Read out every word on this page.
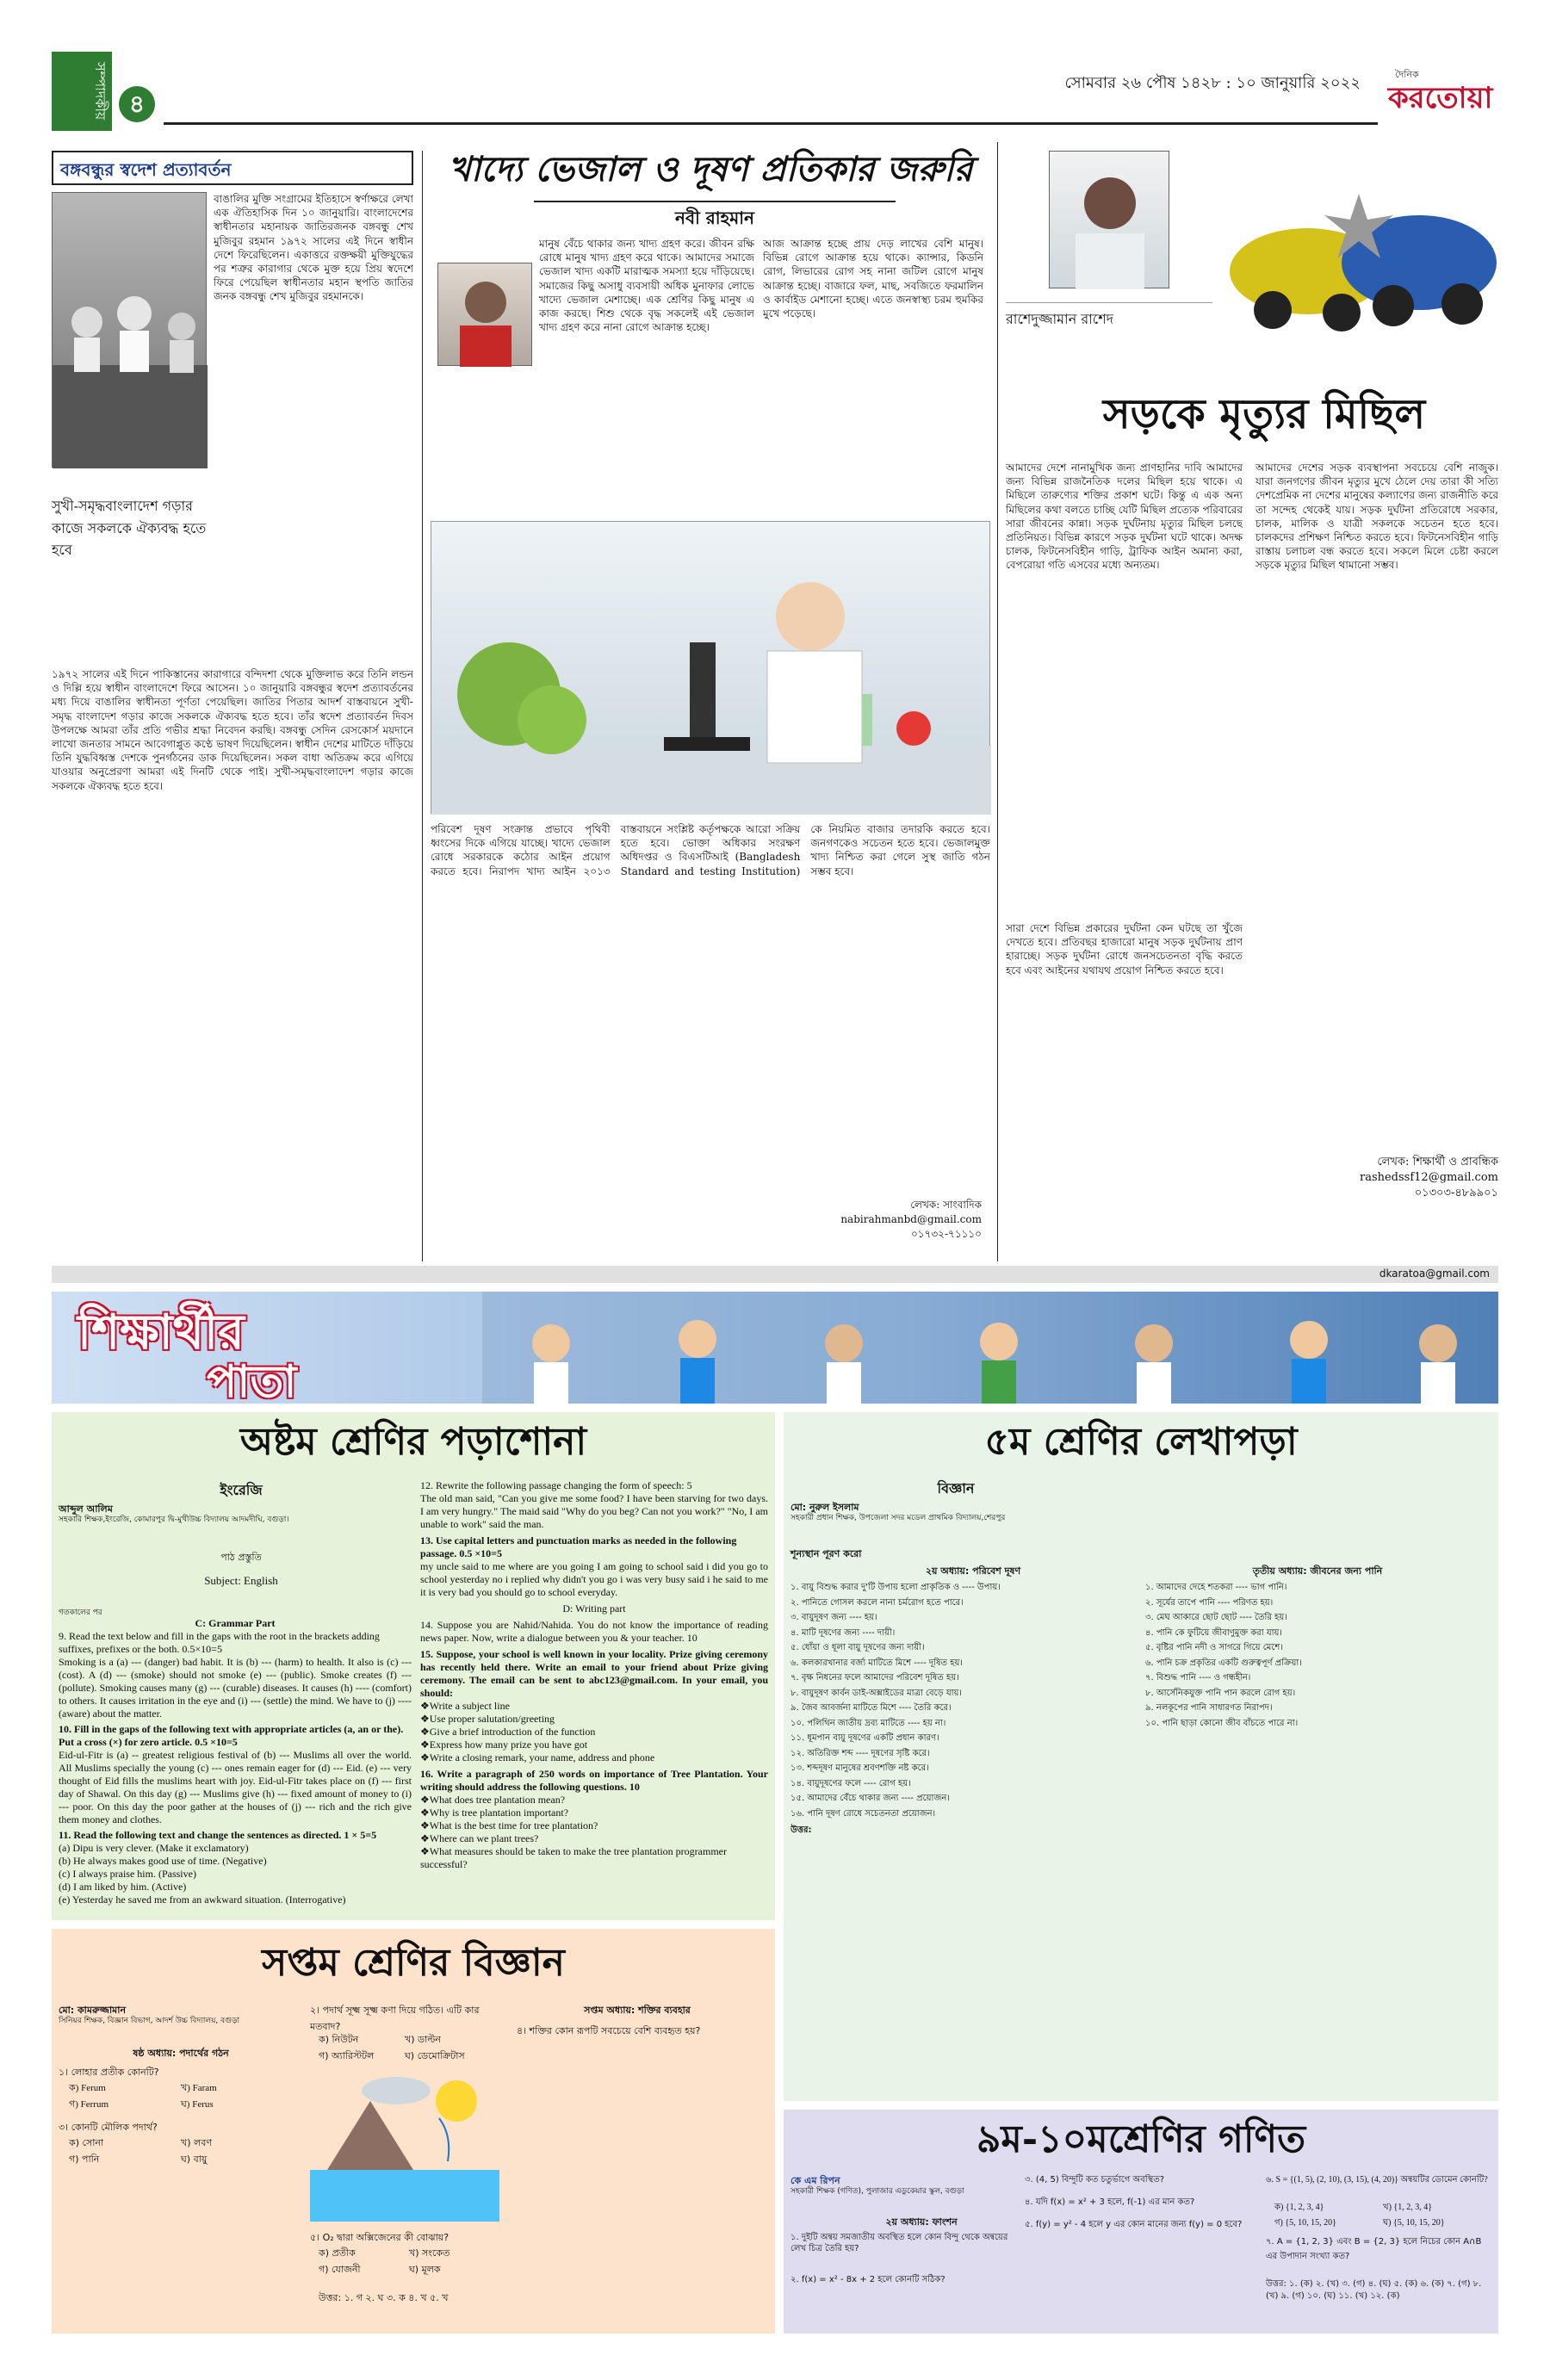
সম্পাদকীয় ৪
সোমবার ২৬ পৌষ ১৪২৮ : ১০ জানুয়ারি ২০২২	দৈনিক
করতোয়া
বঙ্গবন্ধুর স্বদেশ প্রত্যাবর্তন
বাঙালির মুক্তি সংগ্রামের ইতিহাসে স্বর্ণাক্ষরে লেখা এক ঐতিহাসিক দিন ১০ জানুয়ারি। বাংলাদেশের স্বাধীনতার মহানায়ক জাতিরজনক বঙ্গবন্ধু শেখ মুজিবুর রহমান ১৯৭২ সালের এই দিনে স্বাধীন দেশে ফিরেছিলেন। একাত্তরে রক্তক্ষয়ী মুক্তিযুদ্ধের পর শত্রুর কারাগার থেকে মুক্ত হয়ে প্রিয় স্বদেশে ফিরে পেয়েছিল স্বাধীনতার মহান স্থপতি জাতির জনক বঙ্গবন্ধু শেখ মুজিবুর রহমানকে।
সুখী-সমৃদ্ধবাংলাদেশ গড়ার কাজে সকলকে ঐক্যবদ্ধ হতে হবে
১৯৭২ সালের এই দিনে পাকিস্তানের কারাগারে বন্দিদশা থেকে মুক্তিলাভ করে তিনি লন্ডন ও দিল্লি হয়ে স্বাধীন বাংলাদেশে ফিরে আসেন। ১০ জানুয়ারি বঙ্গবন্ধুর স্বদেশ প্রত্যাবর্তনের মধ্য দিয়ে বাঙালির স্বাধীনতা পূর্ণতা পেয়েছিল। জাতির পিতার আদর্শ বাস্তবায়নে সুখী-সমৃদ্ধ বাংলাদেশ গড়ার কাজে সকলকে ঐক্যবদ্ধ হতে হবে। তাঁর স্বদেশ প্রত্যাবর্তন দিবস উপলক্ষে আমরা তাঁর প্রতি গভীর শ্রদ্ধা নিবেদন করছি। বঙ্গবন্ধু সেদিন রেসকোর্স ময়দানে লাখো জনতার সামনে আবেগাপ্লুত কণ্ঠে ভাষণ দিয়েছিলেন। স্বাধীন দেশের মাটিতে দাঁড়িয়ে তিনি যুদ্ধবিধ্বস্ত দেশকে পুনর্গঠনের ডাক দিয়েছিলেন। সকল বাধা অতিক্রম করে এগিয়ে যাওয়ার অনুপ্রেরণা আমরা এই দিনটি থেকে পাই। সুখী-সমৃদ্ধবাংলাদেশ গড়ার কাজে সকলকে ঐক্যবদ্ধ হতে হবে।
খাদ্যে ভেজাল ও দূষণ প্রতিকার জরুরি
নবী রাহমান
মানুষ বেঁচে থাকার জন্য খাদ্য গ্রহণ করে। জীবন রক্ষি রোধে মানুষ খাদ্য গ্রহণ করে থাকে। আমাদের সমাজে ভেজাল খাদ্য একটি মারাত্মক সমস্যা হয়ে দাঁড়িয়েছে। সমাজের কিছু অসাধু ব্যবসায়ী অধিক মুনাফার লোভে খাদ্যে ভেজাল মেশাচ্ছে। এক শ্রেণির কিছু মানুষ এ কাজ করছে। শিশু থেকে বৃদ্ধ সকলেই এই ভেজাল খাদ্য গ্রহণ করে নানা রোগে আক্রান্ত হচ্ছে।
আজ আক্রান্ত হচ্ছে প্রায় দেড় লাখের বেশি মানুষ। বিভিন্ন রোগে আক্রান্ত হয়ে থাকে। ক্যান্সার, কিডনি রোগ, লিভারের রোগ সহ নানা জটিল রোগে মানুষ আক্রান্ত হচ্ছে। বাজারে ফল, মাছ, সবজিতে ফরমালিন ও কার্বাইড মেশানো হচ্ছে। এতে জনস্বাস্থ্য চরম হুমকির মুখে পড়েছে।
পরিবেশ দূষণ সংক্রান্ত প্রভাবে পৃথিবী ধ্বংসের দিকে এগিয়ে যাচ্ছে। খাদ্যে ভেজাল রোধে সরকারকে কঠোর আইন প্রয়োগ করতে হবে। নিরাপদ খাদ্য আইন ২০১৩ বাস্তবায়নে সংশ্লিষ্ট কর্তৃপক্ষকে আরো সক্রিয় হতে হবে। ভোক্তা অধিকার সংরক্ষণ অধিদপ্তর ও বিএসটিআই (Bangladesh Standard and testing Institution) কে নিয়মিত বাজার তদারকি করতে হবে। জনগণকেও সচেতন হতে হবে। ভেজালমুক্ত খাদ্য নিশ্চিত করা গেলে সুস্থ জাতি গঠন সম্ভব হবে।
লেখক: সাংবাদিক
nabirahmanbd@gmail.com
০১৭৩২-৭১১১০
রাশেদুজ্জামান রাশেদ
সড়কে মৃত্যুর মিছিল
আমাদের দেশে নানামুখিক জন্য প্রাণহানির দাবি আমাদের জন্য বিভিন্ন রাজনৈতিক দলের মিছিল হয়ে থাকে। এ মিছিলে তারুণ্যের শক্তির প্রকাশ ঘটে। কিন্তু এ এক অন্য মিছিলের কথা বলতে চাচ্ছি যেটি মিছিল প্রত্যেক পরিবারের সারা জীবনের কান্না। সড়ক দুর্ঘটনায় মৃত্যুর মিছিল চলছে প্রতিনিয়ত। বিভিন্ন কারণে সড়ক দুর্ঘটনা ঘটে থাকে। অদক্ষ চালক, ফিটনেসবিহীন গাড়ি, ট্রাফিক আইন অমান্য করা, বেপরোয়া গতি এসবের মধ্যে অন্যতম।
সারা দেশে বিভিন্ন প্রকারের দুর্ঘটনা কেন ঘটছে তা খুঁজে দেখতে হবে। প্রতিবছর হাজারো মানুষ সড়ক দুর্ঘটনায় প্রাণ হারাচ্ছে। সড়ক দুর্ঘটনা রোধে জনসচেতনতা বৃদ্ধি করতে হবে এবং আইনের যথাযথ প্রয়োগ নিশ্চিত করতে হবে।
আমাদের দেশের সড়ক ব্যবস্থাপনা সবচেয়ে বেশি নাজুক। যারা জনগণের জীবন মৃত্যুর মুখে ঠেলে দেয় তারা কী সত্যি দেশপ্রেমিক না দেশের মানুষের কল্যাণের জন্য রাজনীতি করে তা সন্দেহ থেকেই যায়। সড়ক দুর্ঘটনা প্রতিরোধে সরকার, চালক, মালিক ও যাত্রী সকলকে সচেতন হতে হবে। চালকদের প্রশিক্ষণ নিশ্চিত করতে হবে। ফিটনেসবিহীন গাড়ি রাস্তায় চলাচল বন্ধ করতে হবে। সকলে মিলে চেষ্টা করলে সড়কে মৃত্যুর মিছিল থামানো সম্ভব।
লেখক: শিক্ষার্থী ও প্রাবন্ধিক
rashedssf12@gmail.com
০১৩০৩-৪৮৯৯০১
dkaratoa@gmail.com
শিক্ষার্থীর
পাতা
অষ্টম শ্রেণির পড়াশোনা
ইংরেজি
আব্দুল আলিম
সহকারি শিক্ষক,ইংরেজি, কোমারপুর দ্বি-মুখীউচ্চ বিদ্যালয় আদমদীঘি, বগুড়া।
পাঠ প্রস্তুতি
Subject: English
গতকালের পর
C: Grammar Part
9. Read the text below and fill in the gaps with the root in the brackets adding suffixes, prefixes or the both. 0.5×10=5
Smoking is a (a) --- (danger) bad habit. It is (b) --- (harm) to health. It also is (c) --- (cost). A (d) --- (smoke) should not smoke (e) --- (public). Smoke creates (f) --- (pollute). Smoking causes many (g) --- (curable) diseases. It causes (h) ---- (comfort) to others. It causes irritation in the eye and (i) --- (settle) the mind. We have to (j) ---- (aware) about the matter.
10. Fill in the gaps of the following text with appropriate articles (a, an or the). Put a cross (×) for zero article. 0.5 ×10=5
Eid-ul-Fitr is (a) -- greatest religious festival of (b) --- Muslims all over the world. All Muslims specially the young (c) --- ones remain eager for (d) --- Eid. (e) --- very thought of Eid fills the muslims heart with joy. Eid-ul-Fitr takes place on (f) --- first day of Shawal. On this day (g) --- Muslims give (h) --- fixed amount of money to (i) --- poor. On this day the poor gather at the houses of (j) --- rich and the rich give them money and clothes.
11. Read the following text and change the sentences as directed. 1 × 5=5
(a) Dipu is very clever. (Make it exclamatory)
(b) He always makes good use of time. (Negative)
(c) I always praise him. (Passive)
(d) I am liked by him. (Active)
(e) Yesterday he saved me from an awkward situation. (Interrogative)
12. Rewrite the following passage changing the form of speech: 5
The old man said, "Can you give me some food? I have been starving for two days. I am very hungry." The maid said "Why do you beg? Can not you work?" "No, I am unable to work" said the man.
13. Use capital letters and punctuation marks as needed in the following passage. 0.5 ×10=5
my uncle said to me where are you going I am going to school said i did you go to school yesterday no i replied why didn't you go i was very busy said i he said to me it is very bad you should go to school everyday.
D: Writing part
14. Suppose you are Nahid/Nahida. You do not know the importance of reading news paper. Now, write a dialogue between you & your teacher. 10
15. Suppose, your school is well known in your locality. Prize giving ceremony has recently held there. Write an email to your friend about Prize giving ceremony. The email can be sent to abc123@gmail.com. In your email, you should:
❖Write a subject line
❖Use proper salutation/greeting
❖Give a brief introduction of the function
❖Express how many prize you have got
❖Write a closing remark, your name, address and phone
16. Write a paragraph of 250 words on importance of Tree Plantation. Your writing should address the following questions. 10
❖What does tree plantation mean?
❖Why is tree plantation important?
❖What is the best time for tree plantation?
❖Where can we plant trees?
❖What measures should be taken to make the tree plantation programmer successful?
৫ম শ্রেণির লেখাপড়া
বিজ্ঞান
মো: নুরুল ইসলাম
সহকারী প্রধান শিক্ষক, উপজেলা সদর মডেল প্রাথমিক বিদ্যালয়,শেরপুর
শূন্যস্থান পূরণ করো
২য় অধ্যায়: পরিবেশ দূষণ
১. বায়ু বিশুদ্ধ করার দু'টি উপায় হলো প্রাকৃতিক ও ---- উপায়।
২. পানিতে গোসল করলে নানা চর্মরোগ হতে পারে।
৩. বায়ুদূষণ জন্য ---- হয়।
৪. মাটি দূষণের জন্য ---- দায়ী।
৫. ধোঁয়া ও ধূলা বায়ু দূষণের জন্য দায়ী।
৬. কলকারখানার বর্জ্য মাটিতে মিশে ---- দূষিত হয়।
৭. বৃক্ষ নিধনের ফলে আমাদের পরিবেশ দূষিত হয়।
৮. বায়ুদূষণ কার্বন ডাই-অক্সাইডের মাত্রা বেড়ে যায়।
৯. জৈব আবর্জনা মাটিতে মিশে ---- তৈরি করে।
১০. পলিথিন জাতীয় দ্রব্য মাটিতে ---- হয় না।
১১. ধূমপান বায়ু দূষণের একটি প্রধান কারণ।
১২. অতিরিক্ত শব্দ ---- দূষণের সৃষ্টি করে।
১৩. শব্দদূষণ মানুষের শ্রবণশক্তি নষ্ট করে।
১৪. বায়ুদূষণের ফলে ---- রোগ হয়।
১৫. আমাদের বেঁচে থাকার জন্য ---- প্রয়োজন।
১৬. পানি দূষণ রোধে সচেতনতা প্রয়োজন।
উত্তর:
তৃতীয় অধ্যায়: জীবনের জন্য পানি
১. আমাদের দেহে শতকরা ---- ভাগ পানি।
২. সূর্যের তাপে পানি ---- পরিণত হয়।
৩. মেঘ আকারে ছোট ছোট ---- তৈরি হয়।
৪. পানি কে ফুটিয়ে জীবাণুমুক্ত করা যায়।
৫. বৃষ্টির পানি নদী ও সাগরে গিয়ে মেশে।
৬. পানি চক্র প্রকৃতির একটি গুরুত্বপূর্ণ প্রক্রিয়া।
৭. বিশুদ্ধ পানি ---- ও গন্ধহীন।
৮. আর্সেনিকযুক্ত পানি পান করলে রোগ হয়।
৯. নলকূপের পানি সাধারণত নিরাপদ।
১০. পানি ছাড়া কোনো জীব বাঁচতে পারে না।
সপ্তম শ্রেণির বিজ্ঞান
মো: কামরুজ্জামান
সিনিয়র শিক্ষক, বিজ্ঞান বিভাগ, আদর্শ উচ্চ বিদ্যালয়, বগুড়া
ষষ্ঠ অধ্যায়: পদার্থের গঠন
১। লোহার প্রতীক কোনটি?
ক) Ferum	খ) Faram
গ) Ferrum	ঘ) Ferus
৩। কোনটি মৌলিক পদার্থ?
ক) সোনা	খ) লবণ
গ) পানি	ঘ) বায়ু
২। পদার্থ সূক্ষ্ম সূক্ষ্ম কণা দিয়ে গঠিত। এটি কার মতবাদ?
ক) নিউটন	খ) ডাল্টন
গ) অ্যারিস্টটল	ঘ) ডেমোক্রিটাস
৫। O₂ দ্বারা অক্সিজেনের কী বোঝায়?
ক) প্রতীক	খ) সংকেত
গ) যোজনী	ঘ) মূলক
উত্তর: ১. গ ২. ঘ ৩. ক ৪. খ ৫. খ
সপ্তম অধ্যায়: শক্তির ব্যবহার
৪। শক্তির কোন রূপটি সবচেয়ে বেশি ব্যবহৃত হয়?
৯ম-১০মশ্রেণির গণিত
কে এম রিপন
সহকারী শিক্ষক (গণিত), পুলাজার এডুকেয়ার স্কুল, বগুড়া
২য় অধ্যায়: ফাংশন
১. দুইটি অন্বয় সমজাতীয় অবস্থিত হলে কোন বিন্দু থেকে অন্বয়ের লেখ চিত্র তৈরি হয়?
২. f(x) = x² - 8x + 2 হলে কোনটি সঠিক?
৩. (4, 5) বিন্দুটি কত চতুর্ভাগে অবস্থিত?
৪. যদি f(x) = x² + 3 হলে, f(-1) এর মান কত?
৫. f(y) = y² - 4 হলে y এর কোন মানের জন্য f(y) = 0 হবে?
৬. S = {(1, 5), (2, 10), (3, 15), (4, 20)} অন্বয়টির ডোমেন কোনটি?
ক) {1, 2, 3, 4}	খ) {1, 2, 3, 4}
গ) {5, 10, 15, 20}	ঘ) {5, 10, 15, 20}
৭. A = {1, 2, 3} এবং B = {2, 3} হলে নিচের কোন A∩B এর উপাদান সংখ্যা কত?
উত্তর: ১. (ক) ২. (খ) ৩. (গ) ৪. (ঘ) ৫. (ক) ৬. (ক) ৭. (গ) ৮. (খ) ৯. (গ) ১০. (ঘ) ১১. (খ) ১২. (ক)
